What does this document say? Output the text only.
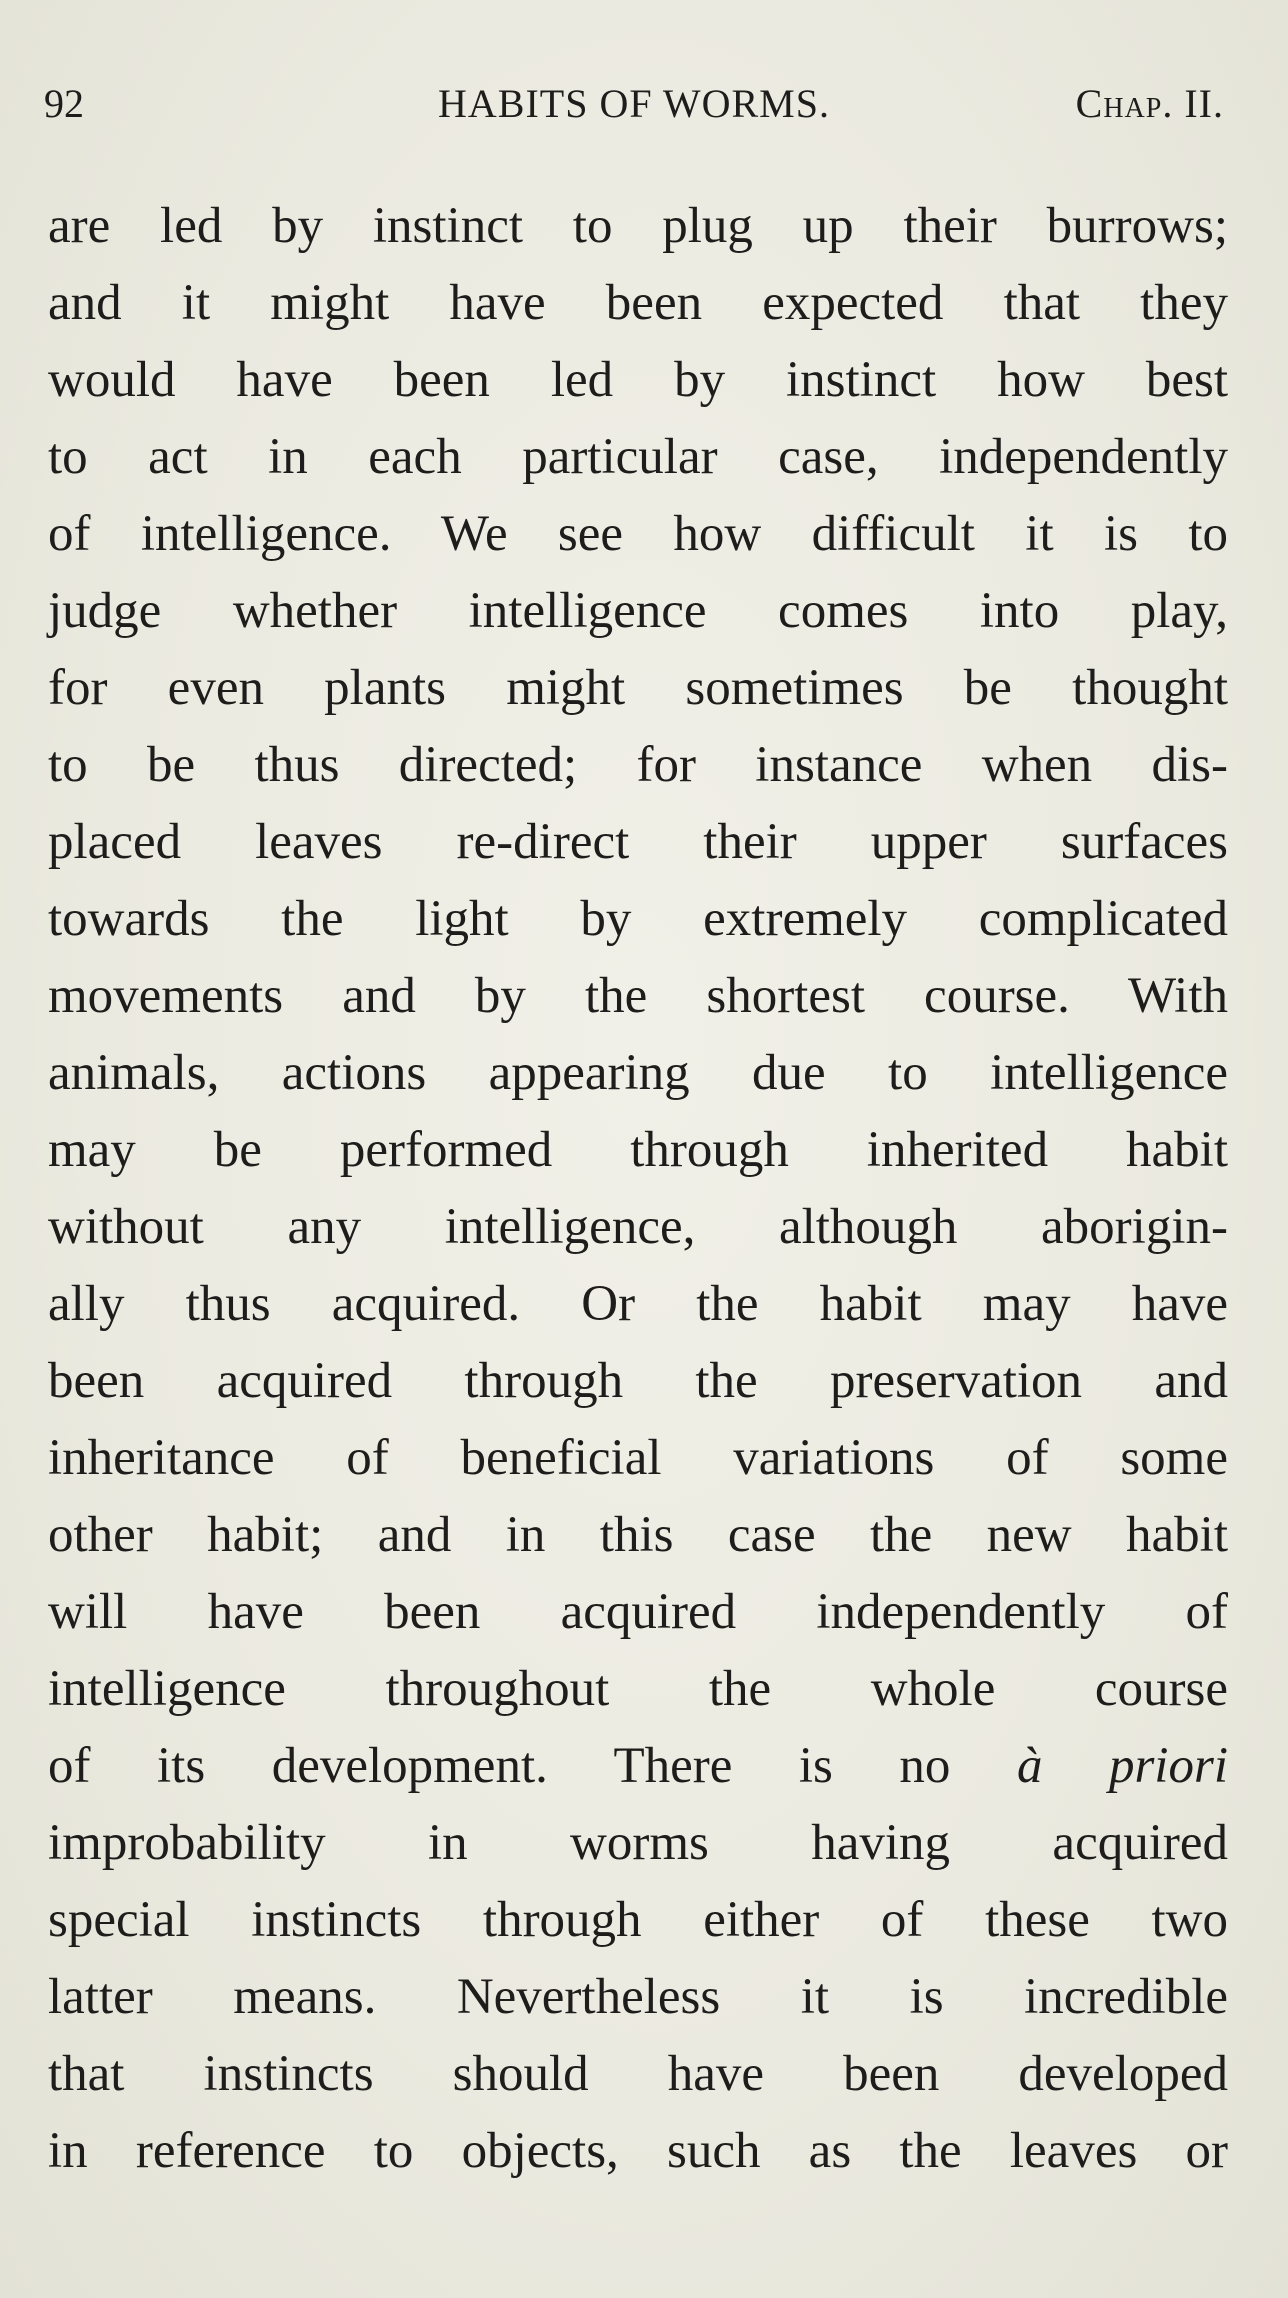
92	HABITS OF WORMS.	Chap. II.
are led by instinct to plug up their burrows;
and it might have been expected that they
would have been led by instinct how best
to act in each particular case, independently
of intelligence. We see how difficult it is to
judge whether intelligence comes into play,
for even plants might sometimes be thought
to be thus directed; for instance when dis-
placed leaves re-direct their upper surfaces
towards the light by extremely complicated
movements and by the shortest course. With
animals, actions appearing due to intelligence
may be performed through inherited habit
without any intelligence, although aborigin-
ally thus acquired. Or the habit may have
been acquired through the preservation and
inheritance of beneficial variations of some
other habit; and in this case the new habit
will have been acquired independently of
intelligence throughout the whole course
of its development. There is no à priori
improbability in worms having acquired
special instincts through either of these two
latter means. Nevertheless it is incredible
that instincts should have been developed
in reference to objects, such as the leaves or
